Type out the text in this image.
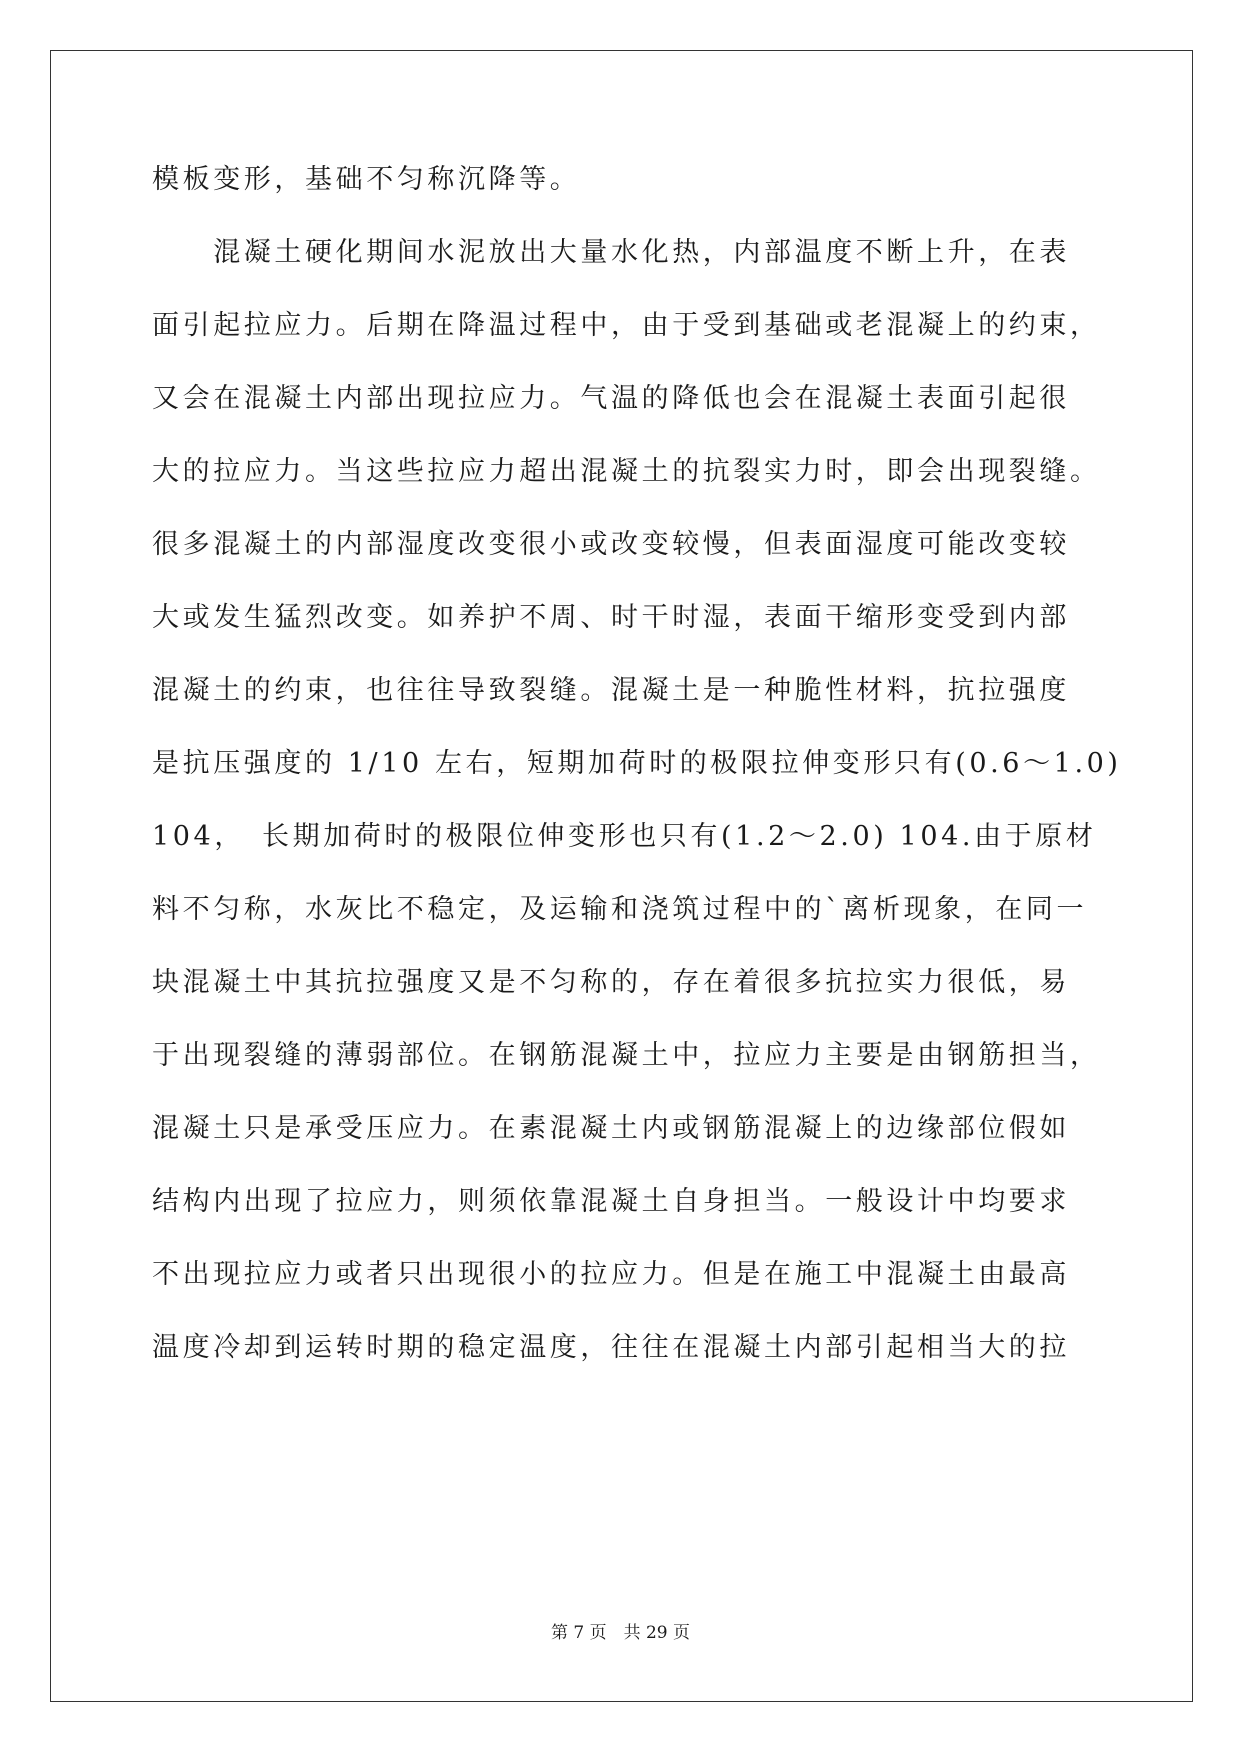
模板变形，基础不匀称沉降等。
　　混凝土硬化期间水泥放出大量水化热，内部温度不断上升，在表
面引起拉应力。后期在降温过程中，由于受到基础或老混凝上的约束，
又会在混凝土内部出现拉应力。气温的降低也会在混凝土表面引起很
大的拉应力。当这些拉应力超出混凝土的抗裂实力时，即会出现裂缝。
很多混凝土的内部湿度改变很小或改变较慢，但表面湿度可能改变较
大或发生猛烈改变。如养护不周、时干时湿，表面干缩形变受到内部
混凝土的约束，也往往导致裂缝。混凝土是一种脆性材料，抗拉强度
是抗压强度的 1/10 左右，短期加荷时的极限拉伸变形只有(0.6～1.0)
104，　长期加荷时的极限位伸变形也只有(1.2～2.0) 104.由于原材
料不匀称，水灰比不稳定，及运输和浇筑过程中的`离析现象，在同一
块混凝土中其抗拉强度又是不匀称的，存在着很多抗拉实力很低，易
于出现裂缝的薄弱部位。在钢筋混凝土中，拉应力主要是由钢筋担当，
混凝土只是承受压应力。在素混凝土内或钢筋混凝上的边缘部位假如
结构内出现了拉应力，则须依靠混凝土自身担当。一般设计中均要求
不出现拉应力或者只出现很小的拉应力。但是在施工中混凝土由最高
温度冷却到运转时期的稳定温度，往往在混凝土内部引起相当大的拉
第 7 页　共 29 页
